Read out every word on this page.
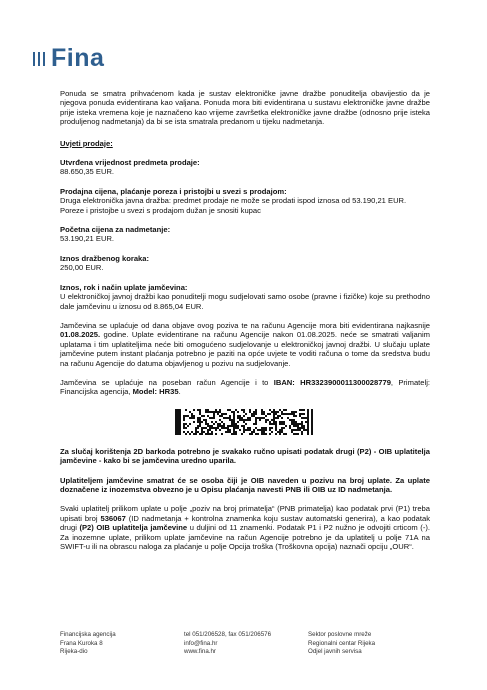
Fina

Ponuda se smatra prihvaćenom kada je sustav elektroničke javne dražbe ponuditelja obavijestio da je njegova ponuda evidentirana kao valjana. Ponuda mora biti evidentirana u sustavu elektroničke javne dražbe prije isteka vremena koje je naznačeno kao vrijeme završetka elektroničke javne dražbe (odnosno prije isteka produljenog nadmetanja) da bi se ista smatrala predanom u tijeku nadmetanja.

Uvjeti prodaje:

Utvrđena vrijednost predmeta prodaje:

88.650,35 EUR.

Prodajna cijena, plaćanje poreza i pristojbi u svezi s prodajom:

Druga elektronička javna dražba: predmet prodaje ne može se prodati ispod iznosa od 53.190,21 EUR.

Poreze i pristojbe u svezi s prodajom dužan je snositi kupac

Početna cijena za nadmetanje:

53.190,21 EUR.

Iznos dražbenog koraka:

250,00 EUR.

Iznos, rok i način uplate jamčevina:

U elektroničkoj javnoj dražbi kao ponuditelji mogu sudjelovati samo osobe (pravne i fizičke) koje su prethodno dale jamčevinu u iznosu od 8.865,04 EUR.

Jamčevina se uplaćuje od dana objave ovog poziva te na računu Agencije mora biti evidentirana najkasnije 01.08.2025. godine. Uplate evidentirane na računu Agencije nakon 01.08.2025. neće se smatrati valjanim uplatama i tim uplatiteljima neće biti omogućeno sudjelovanje u elektroničkoj javnoj dražbi. U slučaju uplate jamčevine putem instant plaćanja potrebno je paziti na opće uvjete te voditi računa o tome da sredstva budu na računu Agencije do datuma objavljenog u pozivu na sudjelovanje.

Jamčevina se uplaćuje na poseban račun Agencije i to IBAN: HR3323900011300028779, Primatelj: Financijska agencija, Model: HR35.

Za slučaj korištenja 2D barkoda potrebno je svakako ručno upisati podatak drugi (P2) - OIB uplatitelja jamčevine - kako bi se jamčevina uredno uparila.

Uplatiteljem jamčevine smatrat će se osoba čiji je OIB naveden u pozivu na broj uplate. Za uplate doznačene iz inozemstva obvezno je u Opisu plaćanja navesti PNB ili OIB uz ID nadmetanja.

Svaki uplatitelj prilikom uplate u polje „poziv na broj primatelja“ (PNB primatelja) kao podatak prvi (P1) treba upisati broj 536067 (ID nadmetanja + kontrolna znamenka koju sustav automatski generira), a kao podatak drugi (P2) OIB uplatitelja jamčevine u duljini od 11 znamenki. Podatak P1 i P2 nužno je odvojiti crticom (-). Za inozemne uplate, prilikom uplate jamčevine na račun Agencije potrebno je da uplatitelj u polje 71A na SWIFT-u ili na obrascu naloga za plaćanje u polje Opcija troška (Troškovna opcija) naznači opciju „OUR“.

Financijska agencija
Frana Kuroka 8
Rijeka-dio
tel 051/206528, fax 051/206576
info@fina.hr
www.fina.hr
Sektor poslovne mreže
Regionalni centar Rijeka
Odjel javnih servisa
